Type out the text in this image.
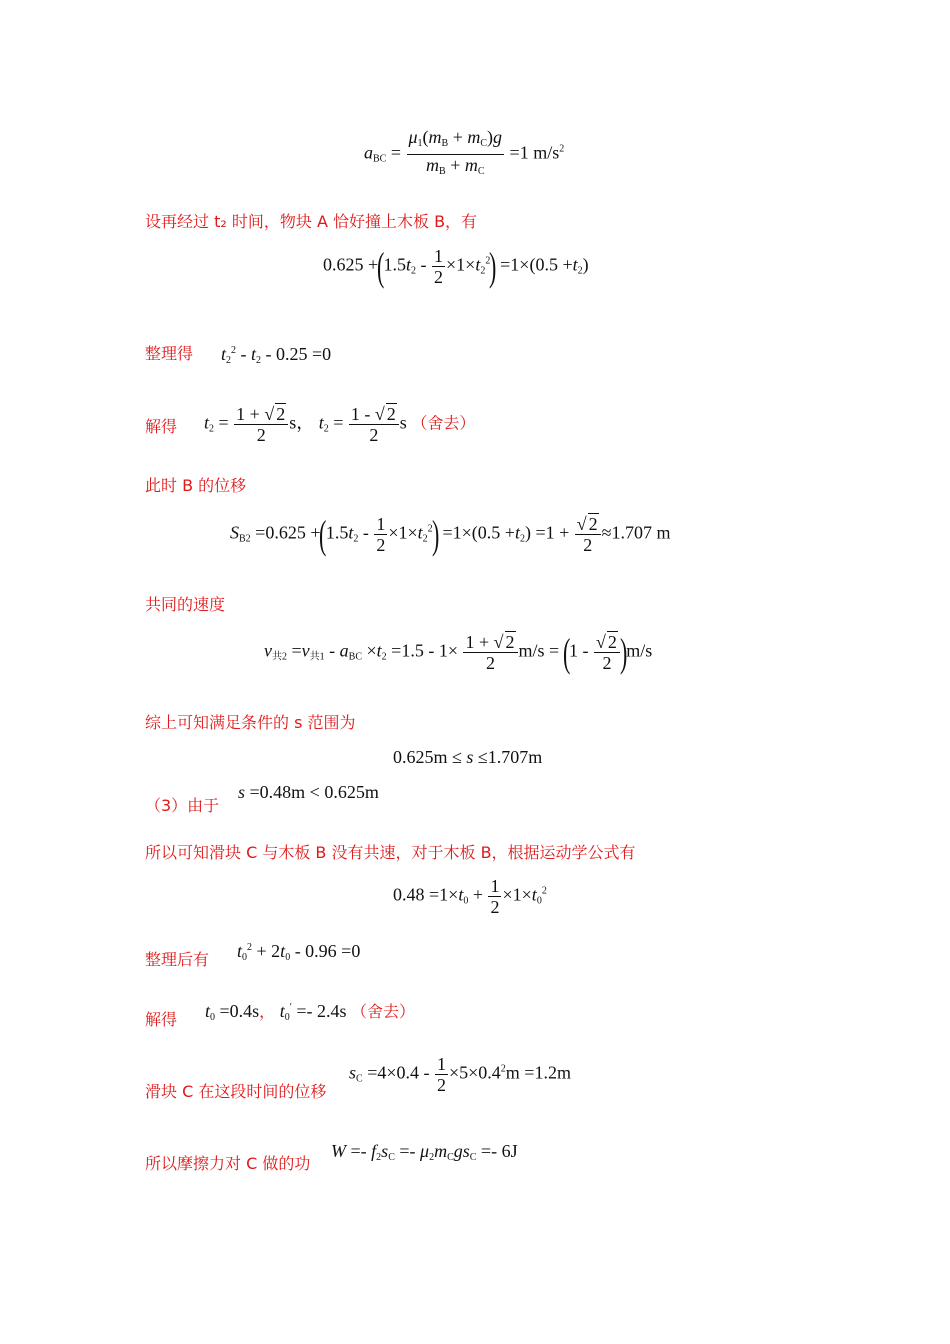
$a_{BC} = \frac{\mu_1(m_B + m_C)g}{m_B + m_C} =1$ $m/s^2$
设再经过 t₂ 时间，物块 A 恰好撞上木板 B，有
$0.625 +(1.5t_2 - \frac{1}{2} \times 1\times t_2^2) =1\times(0.5 +t_2)$
整理得 $t_2^2 - t_2 - 0.25 =0$
解得 $t_2 = \frac{1 + √ 2}{2}$ s， $t_2 = \frac{1 - √ 2}{2}$ s （舍去）
此时 B 的位移
$S_{B2} =0.625 +(1.5t_2 - \frac{1}{2} \times 1\times t_2^2) =1\times(0.5 +t_2) =1 + \frac{√ 2}{2} \approx 1.707$ m
共同的速度
$v_{共2} =v_{共1} - a_{BC} \times t_2 =1.5 - 1\times \frac{1 + √ 2}{2} m/s = (1 - \frac{√ 2}{2} )m/s$
综上可知满足条件的 s 范围为
0.625m ≤ s ≤1.707m
（3）由于
s =0.48m < 0.625m
所以可知滑块 C 与木板 B 没有共速，对于木板 B，根据运动学公式有
$0.48 =1\times t_0 + \frac{1}{2} \times 1\times t_0^2$
整理后有 $t_0^2 + 2t_0 - 0.96 =0$
解得 $t_0 =0.4s$， $t_0' =- 2.4s$ （舍去）
滑块 C 在这段时间的位移
$s_C =4\times 0.4 - \frac{1}{2} \times 5\times 0.4^2m =1.2m$
所以摩擦力对 C 做的功
$W =- f_2s_C =- \mu_2m_Cgs_C =- 6J$
